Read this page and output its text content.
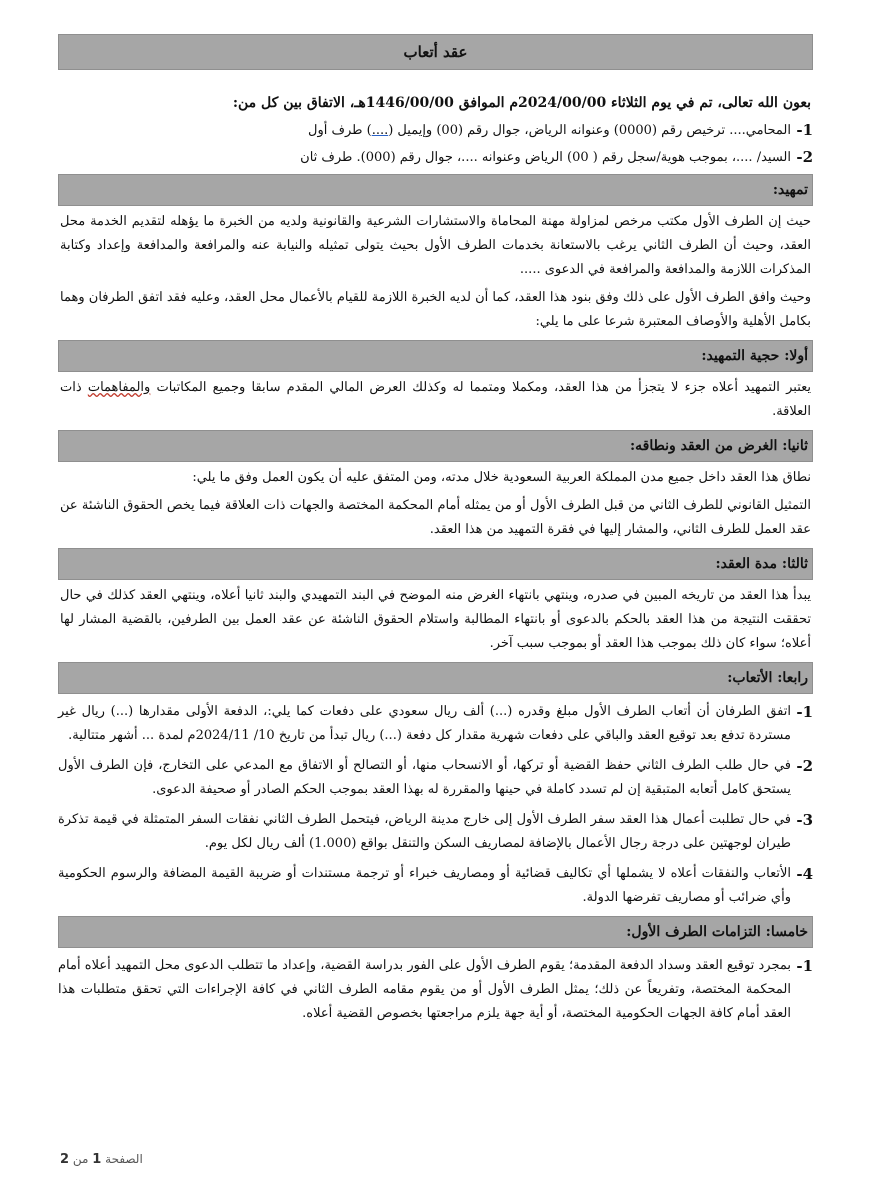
عقد أتعاب
بعون الله تعالى، تم في يوم الثلاثاء 2024/00/00م الموافق 1446/00/00هـ، الاتفاق بين كل من:
1-
المحامي.... ترخيص رقم (0000) وعنوانه الرياض، جوال رقم (00) وإيميل (....) طرف أول
2-
السيد/ ....، بموجب هوية/سجل رقم ( 00) الرياض وعنوانه ....، جوال رقم (000). طرف ثان
تمهيد:
حيث إن الطرف الأول مكتب مرخص لمزاولة مهنة المحاماة والاستشارات الشرعية والقانونية ولديه من الخبرة ما يؤهله لتقديم الخدمة محل العقد، وحيث أن الطرف الثاني يرغب بالاستعانة بخدمات الطرف الأول بحيث يتولى تمثيله والنيابة عنه والمرافعة والمدافعة وإعداد وكتابة المذكرات اللازمة والمدافعة والمرافعة في الدعوى .....
وحيث وافق الطرف الأول على ذلك وفق بنود هذا العقد، كما أن لديه الخبرة اللازمة للقيام بالأعمال محل العقد، وعليه فقد اتفق الطرفان وهما بكامل الأهلية والأوصاف المعتبرة شرعا على ما يلي:
أولا: حجية التمهيد:
يعتبر التمهيد أعلاه جزء لا يتجزأ من هذا العقد، ومكملا ومتمما له وكذلك العرض المالي المقدم سابقا وجميع المكاتبات والمفاهمات ذات العلاقة.
ثانيا: الغرض من العقد ونطاقه:
نطاق هذا العقد داخل جميع مدن المملكة العربية السعودية خلال مدته، ومن المتفق عليه أن يكون العمل وفق ما يلي:
التمثيل القانوني للطرف الثاني من قبل الطرف الأول أو من يمثله أمام المحكمة المختصة والجهات ذات العلاقة فيما يخص الحقوق الناشئة عن عقد العمل للطرف الثاني، والمشار إليها في فقرة التمهيد من هذا العقد.
ثالثا: مدة العقد:
يبدأ هذا العقد من تاريخه المبين في صدره، وينتهي بانتهاء الغرض منه الموضح في البند التمهيدي والبند ثانيا أعلاه، وينتهي العقد كذلك في حال تحققت النتيجة من هذا العقد بالحكم بالدعوى أو بانتهاء المطالبة واستلام الحقوق الناشئة عن عقد العمل بين الطرفين، بالقضية المشار لها أعلاه؛ سواء كان ذلك بموجب هذا العقد أو بموجب سبب آخر.
رابعا: الأتعاب:
1-
اتفق الطرفان أن أتعاب الطرف الأول مبلغ وقدره (...) ألف ريال سعودي على دفعات كما يلي:، الدفعة الأولى مقدارها (...) ريال غير مستردة تدفع بعد توقيع العقد والباقي على دفعات شهرية مقدار كل دفعة (...) ريال تبدأ من تاريخ 10/ 2024/11م لمدة ... أشهر متتالية.
2-
في حال طلب الطرف الثاني حفظ القضية أو تركها، أو الانسحاب منها، أو التصالح أو الاتفاق مع المدعي على التخارج، فإن الطرف الأول يستحق كامل أتعابه المتبقية إن لم تسدد كاملة في حينها والمقررة له بهذا العقد بموجب الحكم الصادر أو صحيفة الدعوى.
3-
في حال تطلبت أعمال هذا العقد سفر الطرف الأول إلى خارج مدينة الرياض، فيتحمل الطرف الثاني نفقات السفر المتمثلة في قيمة تذكرة طيران لوجهتين على درجة رجال الأعمال بالإضافة لمصاريف السكن والتنقل بواقع (1.000) ألف ريال لكل يوم.
4-
الأتعاب والنفقات أعلاه لا يشملها أي تكاليف قضائية أو ومصاريف خبراء أو ترجمة مستندات أو ضريبة القيمة المضافة والرسوم الحكومية وأي ضرائب أو مصاريف تفرضها الدولة.
خامسا: التزامات الطرف الأول:
1-
بمجرد توقيع العقد وسداد الدفعة المقدمة؛ يقوم الطرف الأول على الفور بدراسة القضية، وإعداد ما تتطلب الدعوى محل التمهيد أعلاه أمام المحكمة المختصة، وتفريعاً عن ذلك؛ يمثل الطرف الأول أو من يقوم مقامه الطرف الثاني في كافة الإجراءات التي تحقق متطلبات هذا العقد أمام كافة الجهات الحكومية المختصة، أو أية جهة يلزم مراجعتها بخصوص القضية أعلاه.
الصفحة 1 من 2
